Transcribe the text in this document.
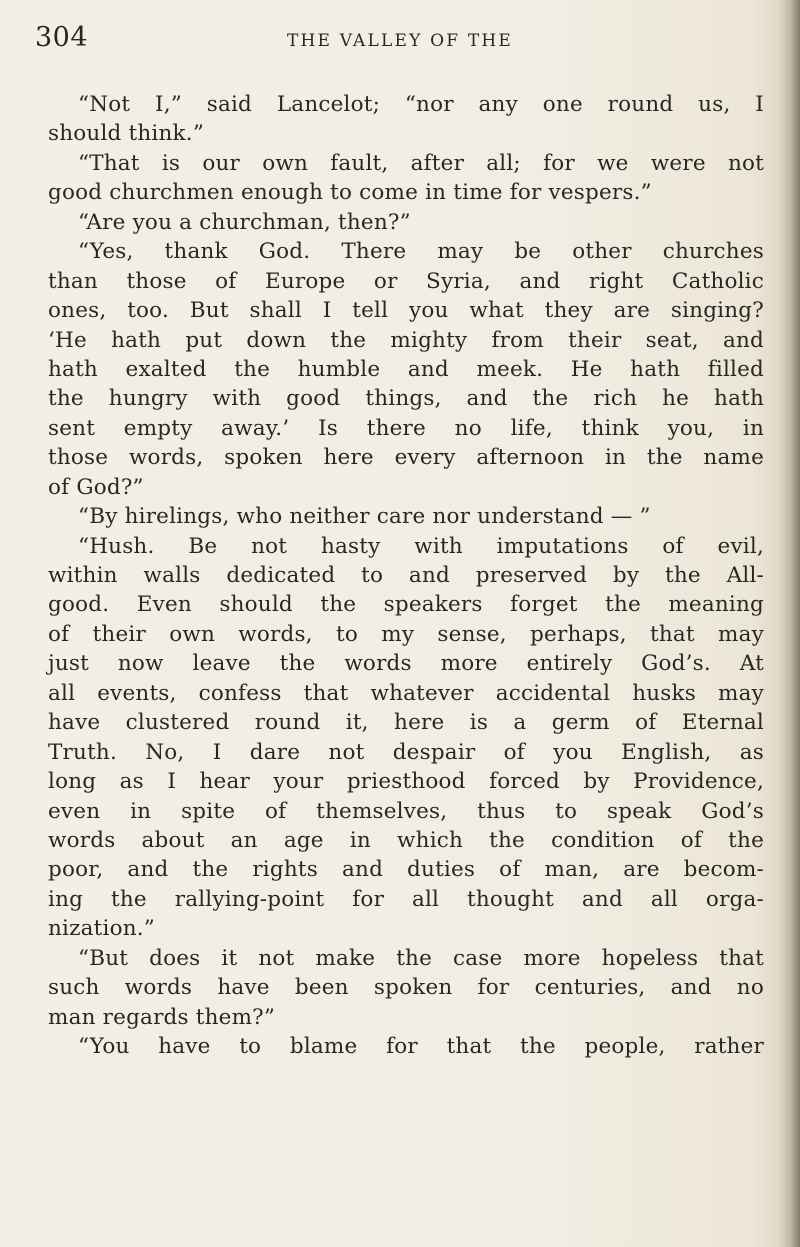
304	THE VALLEY OF THE
“Not I,” said Lancelot; “nor any one round us, I
should think.”
“That is our own fault, after all; for we were not
good churchmen enough to come in time for vespers.”
“Are you a churchman, then?”
“Yes, thank God. There may be other churches
than those of Europe or Syria, and right Catholic
ones, too. But shall I tell you what they are singing?
‘He hath put down the mighty from their seat, and
hath exalted the humble and meek. He hath filled
the hungry with good things, and the rich he hath
sent empty away.’ Is there no life, think you, in
those words, spoken here every afternoon in the name
of God?”
“By hirelings, who neither care nor understand — ”
“Hush. Be not hasty with imputations of evil,
within walls dedicated to and preserved by the All-
good. Even should the speakers forget the meaning
of their own words, to my sense, perhaps, that may
just now leave the words more entirely God’s. At
all events, confess that whatever accidental husks may
have clustered round it, here is a germ of Eternal
Truth. No, I dare not despair of you English, as
long as I hear your priesthood forced by Providence,
even in spite of themselves, thus to speak God’s
words about an age in which the condition of the
poor, and the rights and duties of man, are becom-
ing the rallying-point for all thought and all orga-
nization.”
“But does it not make the case more hopeless that
such words have been spoken for centuries, and no
man regards them?”
“You have to blame for that the people, rather
